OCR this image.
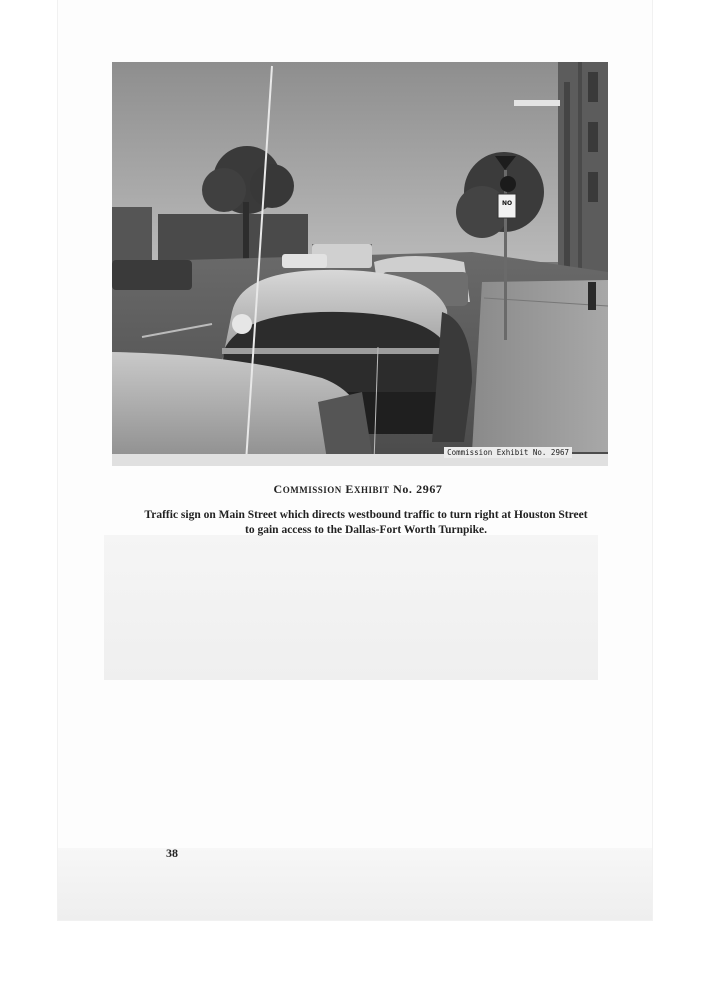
NO
Commission Exhibit No. 2967
COMMISSION EXHIBIT No. 2967
Traffic sign on Main Street which directs westbound traffic to turn right at Houston Street
to gain access to the Dallas-Fort Worth Turnpike.
38
